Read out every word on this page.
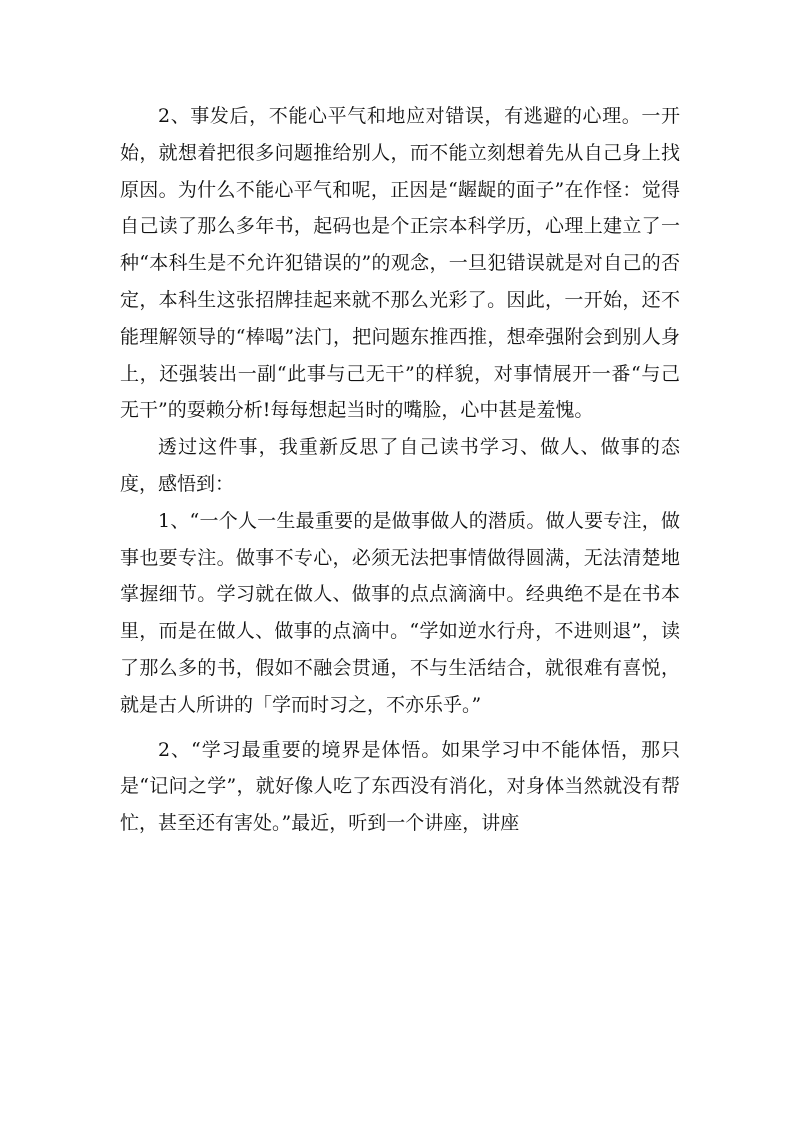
2、事发后，不能心平气和地应对错误，有逃避的心理。一开始，就想着把很多问题推给别人，而不能立刻想着先从自己身上找原因。为什么不能心平气和呢，正因是“龌龊的面子”在作怪：觉得自己读了那么多年书，起码也是个正宗本科学历，心理上建立了一种“本科生是不允许犯错误的”的观念，一旦犯错误就是对自己的否定，本科生这张招牌挂起来就不那么光彩了。因此，一开始，还不能理解领导的“棒喝”法门，把问题东推西推，想牵强附会到别人身上，还强装出一副“此事与己无干”的样貌，对事情展开一番“与己无干”的耍赖分析!每每想起当时的嘴脸，心中甚是羞愧。

透过这件事，我重新反思了自己读书学习、做人、做事的态度，感悟到：

1、“一个人一生最重要的是做事做人的潜质。做人要专注，做事也要专注。做事不专心，必须无法把事情做得圆满，无法清楚地掌握细节。学习就在做人、做事的点点滴滴中。经典绝不是在书本里，而是在做人、做事的点滴中。“学如逆水行舟，不进则退”，读了那么多的书，假如不融会贯通，不与生活结合，就很难有喜悦，就是古人所讲的「学而时习之，不亦乐乎。”

2、“学习最重要的境界是体悟。如果学习中不能体悟，那只是“记问之学”，就好像人吃了东西没有消化，对身体当然就没有帮忙，甚至还有害处。”最近，听到一个讲座，讲座
